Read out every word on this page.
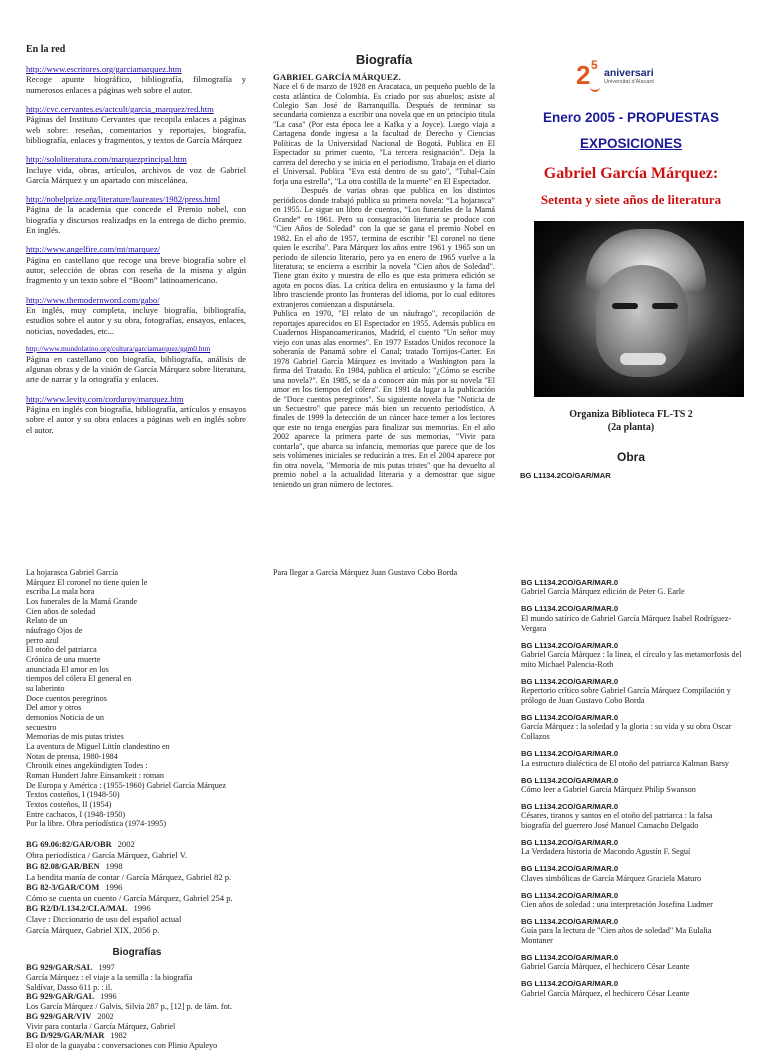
En la red
http://www.escritores.org/garciamarquez.htm
Recoge apunte biográfico, bibliografía, filmografía y numerosos enlaces a páginas web sobre el autor.
http://cvc.cervantes.es/actcult/garcia_marquez/red.htm
Páginas del Instituto Cervantes que recopila enlaces a páginas web sobre: reseñas, comentarios y reportajes, biografía, bibliografía, enlaces y fragmentos, y textos de García Márquez
http://sololiteratura.com/marquezprincipal.htm
Incluye vida, obras, artículos, archivos de voz de Gabriel García Márquez y un apartado con miscelánea.
http://nobelprize.org/literature/laureates/1982/press.html
Página de la academia que concede el Premio nobel, con biografía y discursos realizadps en la entrega de dicho premio. En inglés.
http://www.angelfire.com/mt/marquez/
Página en castellano que recoge una breve biografía sobre el autor, selección de obras con reseña de la misma y algún fragmento y un texto sobre el “Boom” latinoamericano.
http://www.themodernword.com/gabo/
En inglés, muy completa, incluye biografía, bibliografía, estudios sobre el autor y su obra, fotografías, ensayos, enlaces, noticias, novedades, etc...
http://www.mundolatino.org/cultura/garciamarquez/ggm0.htm
Página en castellano con biografía, bibliografía, análisis de algunas obras y de la visión de García Márquez sobre literatura, arte de narrar y la ortografía y enlaces.
http://www.levity.com/corduroy/marquez.htm
Página en inglés con biografía, bibliografía, artículos y ensayos sobre el autor y su obra enlaces a páginas web en inglés sobre el autor.
Biografía

GABRIEL GARCÍA MÁRQUEZ.

Nace el 6 de marzo de 1928 en Aracataca, un pequeño pueblo de la costa atlántica de Colombia. Es criado por sus abuelos; asiste al Colegio San José de Barranquilla. Después de terminar su secundaria comienza a escribir una novela que en un principio titula "La casa" (Por esta época lee a Kafka y a Joyce). Luego viaja a Cartagena donde ingresa a la facultad de Derecho y Ciencias Políticas de la Universidad Nacional de Bogotá. Publica en El Espectador su primer cuento, "La tercera resignación". Deja la carrera del derecho y se inicia en el periodismo. Trabaja en el diario el Universal. Publica "Eva está dentro de su gato", "Tubal-Caín forja una estrella", "La otra costilla de la muerte" en El Espectador.

Después de varias obras que publica en los distintos periódicos donde trabajó publica su primera novela: “La hojarasca” en 1955. Le sigue un libro de cuentos, “Los funerales de la Mamá Grande” en 1961. Pero su consagración literaria se produce con "Cien Años de Soledad" con la que se gana el premio Nobel en 1982. En el año de 1957, termina de escribir "El coronel no tiene quien le escriba". Para Márquez los años entre 1961 y 1965 son un periodo de silencio literario, pero ya en enero de 1965 vuelve a la literatura; se encierra a escribir la novela "Cien años de Soledad". Tiene gran éxito y muestra de ello es que esta primera edición se agota en pocos días. La crítica delira en entusiasmo y la fama del libro trasciende pronto las fronteras del idioma, por lo cual editores extranjeros comienzan a disputársela.

Publica en 1970, "El relato de un náufrago", recopilación de reportajes aparecidos en El Espectador en 1955. Además publica en Cuadernos Hispanoamericanos, Madrid, el cuento "Un señor muy viejo con unas alas enormes". En 1977 Estados Unidos reconoce la soberanía de Panamá sobre el Canal; tratado Torrijos-Carter. En 1978 Gabriel García Márquez es invitado a Washington para la firma del Tratado. En 1984, publica el artículo: "¿Cómo se escribe una novela?". En 1985, se da a conocer aún más por su novela "El amor en los tiempos del cólera". En 1991 da lugar a la publicación de "Doce cuentos peregrinos". Su siguiente novela fue "Noticia de un Secuestro" que parece más bien un recuento periodístico. A finales de 1999 la detección de un cáncer hace temer a los lectores que este no tenga energías para finalizar sus memorias. En el año 2002 aparece la primera parte de sus memorias, "Vivir para contarla", que abarca su infancia, memorias que parece que de los seis volúmenes iniciales se reducirán a tres. En el 2004 aparece por fin otra novela, "Memoria de mis putas tristes" que ha devuelto al premio nobel a la actualidad literaria y a demostrar que sigue teniendo un gran número de lectores.

2 5
aniversari
Universitat d'Alacant
Enero 2005 - PROPUESTAS
EXPOSICIONES
Gabriel García Márquez:
Setenta y siete años de literatura
Organiza Biblioteca FL-TS 2
(2a planta)
Obra
BG L1134.2CO/GAR/MAR
La hojarasca Gabriel García
Márquez El coronel no tiene quien le
escriba La mala hora
Los funerales de la Mamá Grande
Cien años de soledad
Relato de un
náufrago Ojos de
perro azul
El otoño del patriarca
Crónica de una muerte
anunciada El amor en los
tiempos del cólera El general en
su laberinto
Doce cuentos peregrinos
Del amor y otros
demonios Noticia de un
secuestro
Memorias de mis putas tristes
La aventura de Miguel Littín clandestino en
Notas de prensa, 1980-1984
Chronik eines angekündigten Todes :
Roman Hundert Jahre Einsamkeit : roman
De Europa y América : (1955-1960) Gabriel García Márquez
Textos costeños, I (1948-50)
Textos costeños, II (1954)
Entre cachacos, I (1948-1950)
Por la libre. Obra periodística (1974-1995)
BG 69.06:82/GAR/OBR 2002
Obra periodística / García Márquez, Gabriel V.
BG 82.08/GAR/BEN 1998
La bendita manía de contar / García Márquez, Gabriel 82 p.
BG 82-3/GAR/COM 1996
Cómo se cuenta un cuento / García Márquez, Gabriel 254 p.
BG R2/D/L134.2/CLA/MAL 1996
Clave : Diccionario de uso del español actual
García Márquez, Gabriel XIX, 2056 p.
Biografías
BG 929/GAR/SAL 1997
García Márquez : el viaje a la semilla : la biografía
Saldívar, Dasso 611 p. : il.
BG 929/GAR/GAL 1996
Los García Márquez / Galvis, Silvia 287 p., [12] p. de lám. fot.
BG 929/GAR/VIV 2002
Vivir para contarla / García Márquez, Gabriel
BG D/929/GAR/MAR 1982
El olor de la guayaba : conversaciones con Plinio Apuleyo
Para llegar a García Márquez Juan Gustavo Cobo Borda
BG L1134.2CO/GAR/MAR.0
Gabriel García Márquez edición de Peter G. Earle
BG L1134.2CO/GAR/MAR.0
El mundo satírico de Gabriel García Márquez Isabel Rodríguez-Vergara
BG L1134.2CO/GAR/MAR.0
Gabriel García Márquez : la línea, el círculo y las metamorfosis del mito Michael Palencia-Roth
BG L1134.2CO/GAR/MAR.0
Repertorio crítico sobre Gabriel García Márquez Compilación y prólogo de Juan Gustavo Cobo Borda
BG L1134.2CO/GAR/MAR.0
García Márquez : la soledad y la gloria : su vida y su obra Oscar Collazos
BG L1134.2CO/GAR/MAR.0
La estructura dialéctica de El otoño del patriarca Kalman Barsy
BG L1134.2CO/GAR/MAR.0
Cómo leer a Gabriel García Márquez Philip Swanson
BG L1134.2CO/GAR/MAR.0
Césares, tiranos y santos en el otoño del patriarca : la falsa biografía del guerrero José Manuel Camacho Delgado
BG L1134.2CO/GAR/MAR.0
La Verdadera historia de Macondo Agustín F. Seguí
BG L1134.2CO/GAR/MAR.0
Claves simbólicas de García Márquez Graciela Maturo
BG L1134.2CO/GAR/MAR.0
Cien años de soledad : una interpretación Josefina Ludmer
BG L1134.2CO/GAR/MAR.0
Guía para la lectura de "Cien años de soledad" Ma Eulalia Montaner
BG L1134.2CO/GAR/MAR.0
Gabriel García Márquez, el hechicero César Leante
BG L1134.2CO/GAR/MAR.0
Gabriel García Márquez, el hechicero César Leante
